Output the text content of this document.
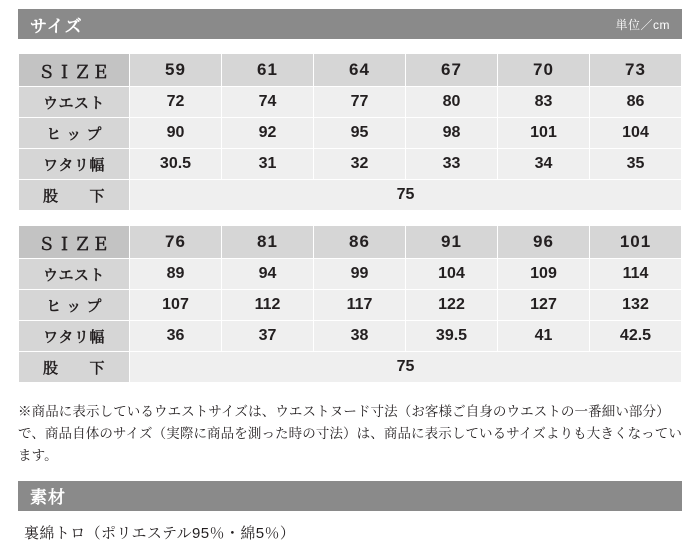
サイズ	単位／cm
ＳＩＺＥ	59	61	64	67	70	73
ウエスト	72	74	77	80	83	86
ヒ ッ プ	90	92	95	98	101	104
ワタリ幅	30.5	31	32	33	34	35
股　　下	75					
ＳＩＺＥ	76	81	86	91	96	101
ウエスト	89	94	99	104	109	114
ヒ ッ プ	107	112	117	122	127	132
ワタリ幅	36	37	38	39.5	41	42.5
股　　下	75					
※商品に表示しているウエストサイズは、ウエストヌード寸法（お客様ご自身のウエストの一番細い部分）で、商品自体のサイズ（実際に商品を測った時の寸法）は、商品に表示しているサイズよりも大きくなっています。
素材
裏綿トロ（ポリエステル95％・綿5％）
